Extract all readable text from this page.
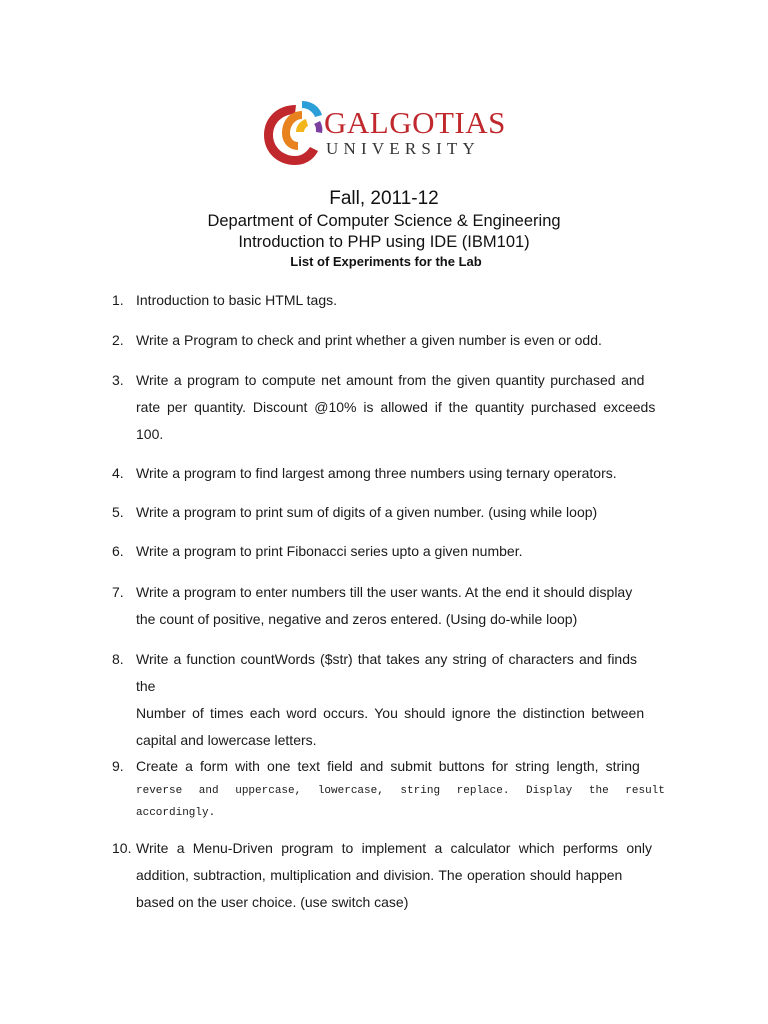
GALGOTIAS
UNIVERSITY
Fall, 2011-12
Department of Computer Science & Engineering
Introduction to PHP using IDE (IBM101)
List of Experiments for the Lab
1. Introduction to basic HTML tags.
2. Write a Program to check and print whether a given number is even or odd.
3. Write a program to compute net amount from the given quantity purchased and
rate per quantity. Discount @10% is allowed if the quantity purchased exceeds
100.
4. Write a program to find largest among three numbers using ternary operators.
5. Write a program to print sum of digits of a given number. (using while loop)
6. Write a program to print Fibonacci series upto a given number.
7. Write a program to enter numbers till the user wants. At the end it should display
the count of positive, negative and zeros entered. (Using do-while loop)
8. Write a function countWords ($str) that takes any string of characters and finds
the
Number of times each word occurs. You should ignore the distinction between
capital and lowercase letters.
9. Create a form with one text field and submit buttons for string length, string
reverse and uppercase, lowercase, string replace. Display the result
accordingly.
10. Write a Menu-Driven program to implement a calculator which performs only
addition, subtraction, multiplication and division. The operation should happen
based on the user choice. (use switch case)
